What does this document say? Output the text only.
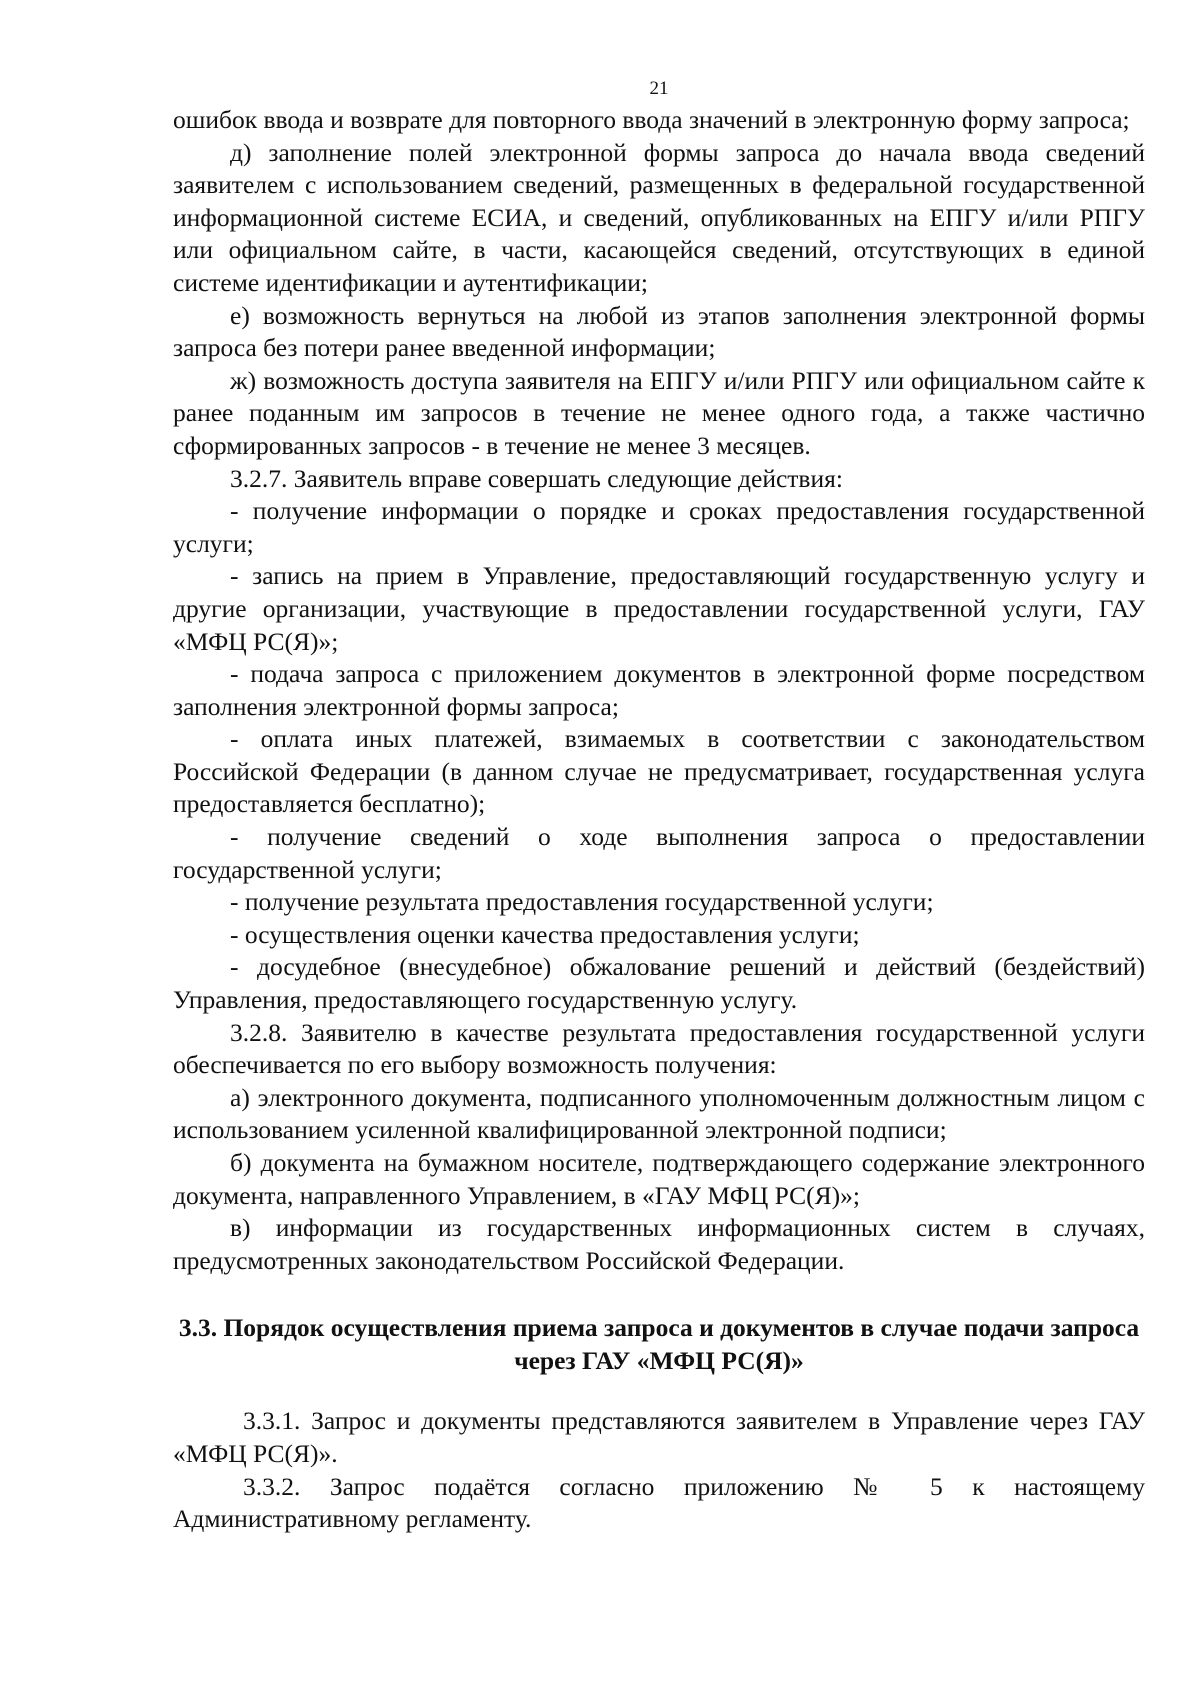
21

ошибок ввода и возврате для повторного ввода значений в электронную форму запроса;

д) заполнение полей электронной формы запроса до начала ввода сведений заявителем с использованием сведений, размещенных в федеральной государственной информационной системе ЕСИА, и сведений, опубликованных на ЕПГУ и/или РПГУ или официальном сайте, в части, касающейся сведений, отсутствующих в единой системе идентификации и аутентификации;

е) возможность вернуться на любой из этапов заполнения электронной формы запроса без потери ранее введенной информации;

ж) возможность доступа заявителя на ЕПГУ и/или РПГУ или официальном сайте к ранее поданным им запросов в течение не менее одного года, а также частично сформированных запросов - в течение не менее 3 месяцев.

3.2.7. Заявитель вправе совершать следующие действия:

- получение информации о порядке и сроках предоставления государственной услуги;

- запись на прием в Управление, предоставляющий государственную услугу и другие организации, участвующие в предоставлении государственной услуги, ГАУ «МФЦ РС(Я)»;

- подача запроса с приложением документов в электронной форме посредством заполнения электронной формы запроса;

- оплата иных платежей, взимаемых в соответствии с законодательством Российской Федерации (в данном случае не предусматривает, государственная услуга предоставляется бесплатно);

- получение сведений о ходе выполнения запроса о предоставлении государственной услуги;

- получение результата предоставления государственной услуги;

- осуществления оценки качества предоставления услуги;

- досудебное (внесудебное) обжалование решений и действий (бездействий) Управления, предоставляющего государственную услугу.

3.2.8. Заявителю в качестве результата предоставления государственной услуги обеспечивается по его выбору возможность получения:

а) электронного документа, подписанного уполномоченным должностным лицом с использованием усиленной квалифицированной электронной подписи;

б) документа на бумажном носителе, подтверждающего содержание электронного документа, направленного Управлением, в «ГАУ МФЦ РС(Я)»;

в) информации из государственных информационных систем в случаях, предусмотренных законодательством Российской Федерации.

3.3. Порядок осуществления приема запроса и документов в случае подачи запроса через ГАУ «МФЦ РС(Я)»

3.3.1. Запрос и документы представляются заявителем в Управление через ГАУ «МФЦ РС(Я)».

3.3.2. Запрос подаётся согласно приложению № 5 к настоящему Административному регламенту.
